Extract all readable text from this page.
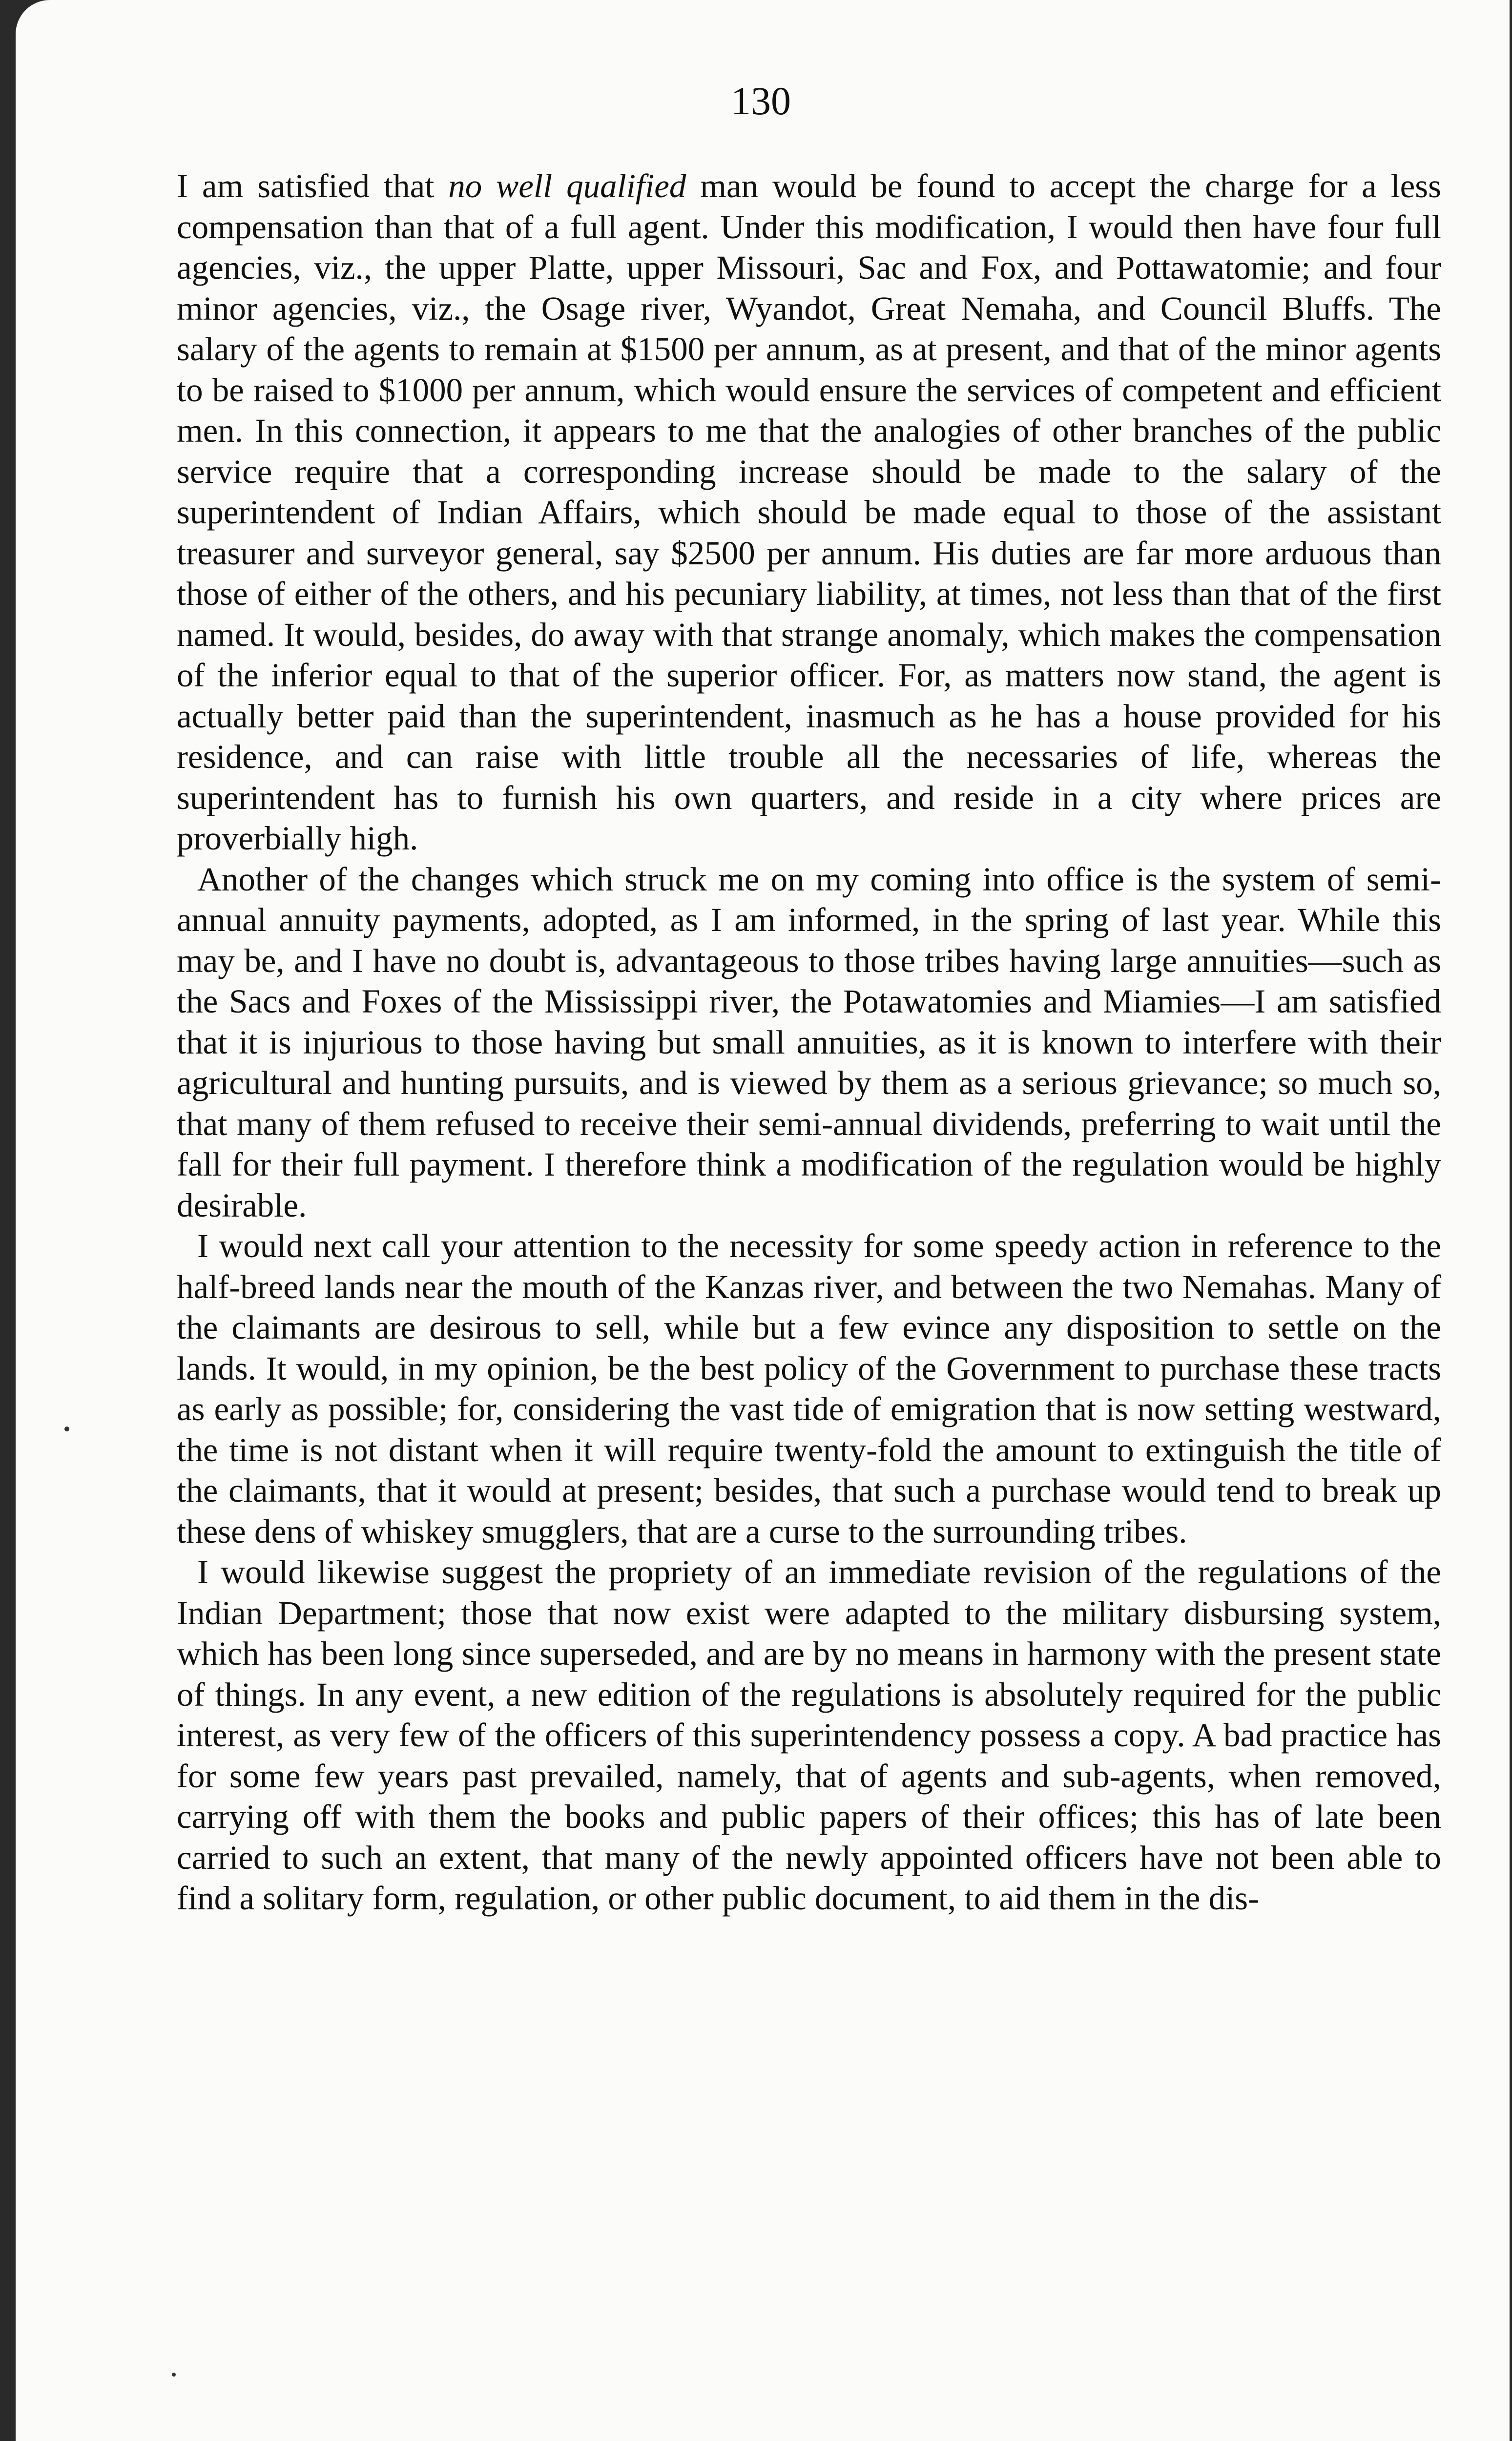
130

I am satisfied that no well qualified man would be found to accept the charge for a less compensation than that of a full agent. Under this modification, I would then have four full agencies, viz., the upper Platte, upper Missouri, Sac and Fox, and Pottawatomie; and four minor agencies, viz., the Osage river, Wyandot, Great Nemaha, and Council Bluffs. The salary of the agents to remain at $1500 per annum, as at present, and that of the minor agents to be raised to $1000 per annum, which would ensure the services of competent and efficient men. In this connection, it appears to me that the analogies of other branches of the public service require that a corresponding increase should be made to the salary of the superintendent of Indian Affairs, which should be made equal to those of the assistant treasurer and surveyor general, say $2500 per annum. His duties are far more arduous than those of either of the others, and his pecuniary liability, at times, not less than that of the first named. It would, besides, do away with that strange anomaly, which makes the compensation of the inferior equal to that of the superior officer. For, as matters now stand, the agent is actually better paid than the superintendent, inasmuch as he has a house provided for his residence, and can raise with little trouble all the necessaries of life, whereas the superintendent has to furnish his own quarters, and reside in a city where prices are proverbially high.

Another of the changes which struck me on my coming into office is the system of semi-annual annuity payments, adopted, as I am informed, in the spring of last year. While this may be, and I have no doubt is, advantageous to those tribes having large annuities—such as the Sacs and Foxes of the Mississippi river, the Potawatomies and Miamies—I am satisfied that it is injurious to those having but small annuities, as it is known to interfere with their agricultural and hunting pursuits, and is viewed by them as a serious grievance; so much so, that many of them refused to receive their semi-annual dividends, preferring to wait until the fall for their full payment. I therefore think a modification of the regulation would be highly desirable.

I would next call your attention to the necessity for some speedy action in reference to the half-breed lands near the mouth of the Kanzas river, and between the two Nemahas. Many of the claimants are desirous to sell, while but a few evince any disposition to settle on the lands. It would, in my opinion, be the best policy of the Government to purchase these tracts as early as possible; for, considering the vast tide of emigration that is now setting westward, the time is not distant when it will require twenty-fold the amount to extinguish the title of the claimants, that it would at present; besides, that such a purchase would tend to break up these dens of whiskey smugglers, that are a curse to the surrounding tribes.

I would likewise suggest the propriety of an immediate revision of the regulations of the Indian Department; those that now exist were adapted to the military disbursing system, which has been long since superseded, and are by no means in harmony with the present state of things. In any event, a new edition of the regulations is absolutely required for the public interest, as very few of the officers of this superintendency possess a copy. A bad practice has for some few years past prevailed, namely, that of agents and sub-agents, when removed, carrying off with them the books and public papers of their offices; this has of late been carried to such an extent, that many of the newly appointed officers have not been able to find a solitary form, regulation, or other public document, to aid them in the dis-
